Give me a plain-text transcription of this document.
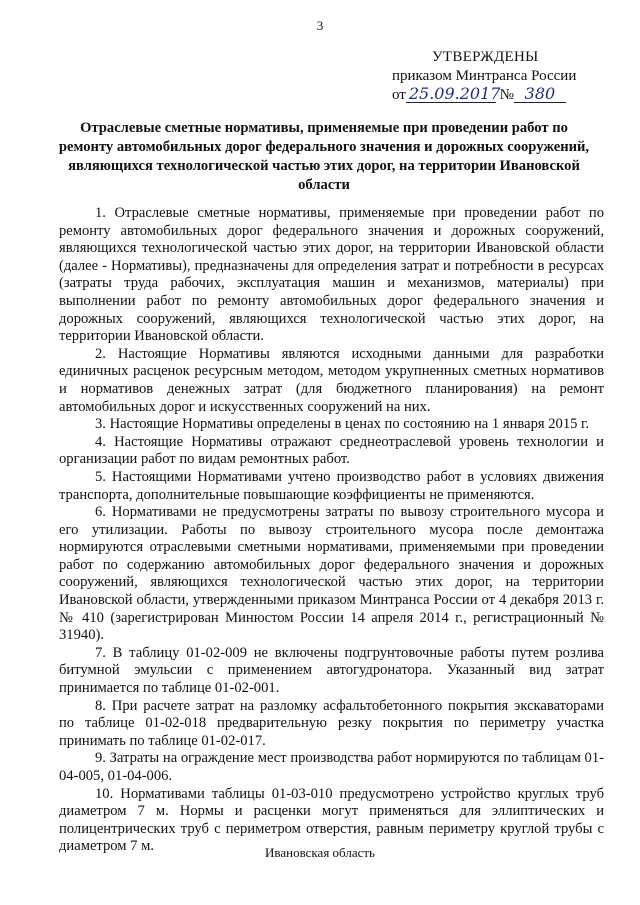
3
УТВЕРЖДЕНЫ
приказом Минтранса России
от 25.09.2017 № 380
Отраслевые сметные нормативы, применяемые при проведении работ по ремонту автомобильных дорог федерального значения и дорожных сооружений, являющихся технологической частью этих дорог, на территории Ивановской области

1. Отраслевые сметные нормативы, применяемые при проведении работ по ремонту автомобильных дорог федерального значения и дорожных сооружений, являющихся технологической частью этих дорог, на территории Ивановской области (далее - Нормативы), предназначены для определения затрат и потребности в ресурсах (затраты труда рабочих, эксплуатация машин и механизмов, материалы) при выполнении работ по ремонту автомобильных дорог федерального значения и дорожных сооружений, являющихся технологической частью этих дорог, на территории Ивановской области.

2. Настоящие Нормативы являются исходными данными для разработки единичных расценок ресурсным методом, методом укрупненных сметных нормативов и нормативов денежных затрат (для бюджетного планирования) на ремонт автомобильных дорог и искусственных сооружений на них.

3. Настоящие Нормативы определены в ценах по состоянию на 1 января 2015 г.

4. Настоящие Нормативы отражают среднеотраслевой уровень технологии и организации работ по видам ремонтных работ.

5. Настоящими Нормативами учтено производство работ в условиях движения транспорта, дополнительные повышающие коэффициенты не применяются.

6. Нормативами не предусмотрены затраты по вывозу строительного мусора и его утилизации. Работы по вывозу строительного мусора после демонтажа нормируются отраслевыми сметными нормативами, применяемыми при проведении работ по содержанию автомобильных дорог федерального значения и дорожных сооружений, являющихся технологической частью этих дорог, на территории Ивановской области, утвержденными приказом Минтранса России от 4 декабря 2013 г. № 410 (зарегистрирован Минюстом России 14 апреля 2014 г., регистрационный № 31940).

7. В таблицу 01-02-009 не включены подгрунтовочные работы путем розлива битумной эмульсии с применением автогудронатора. Указанный вид затрат принимается по таблице 01-02-001.

8. При расчете затрат на разломку асфальтобетонного покрытия экскаваторами по таблице 01-02-018 предварительную резку покрытия по периметру участка принимать по таблице 01-02-017.

9. Затраты на ограждение мест производства работ нормируются по таблицам 01-04-005, 01-04-006.

10. Нормативами таблицы 01-03-010 предусмотрено устройство круглых труб диаметром 7 м. Нормы и расценки могут применяться для эллиптических и полицентрических труб с периметром отверстия, равным периметру круглой трубы с диаметром 7 м.	Ивановская область
